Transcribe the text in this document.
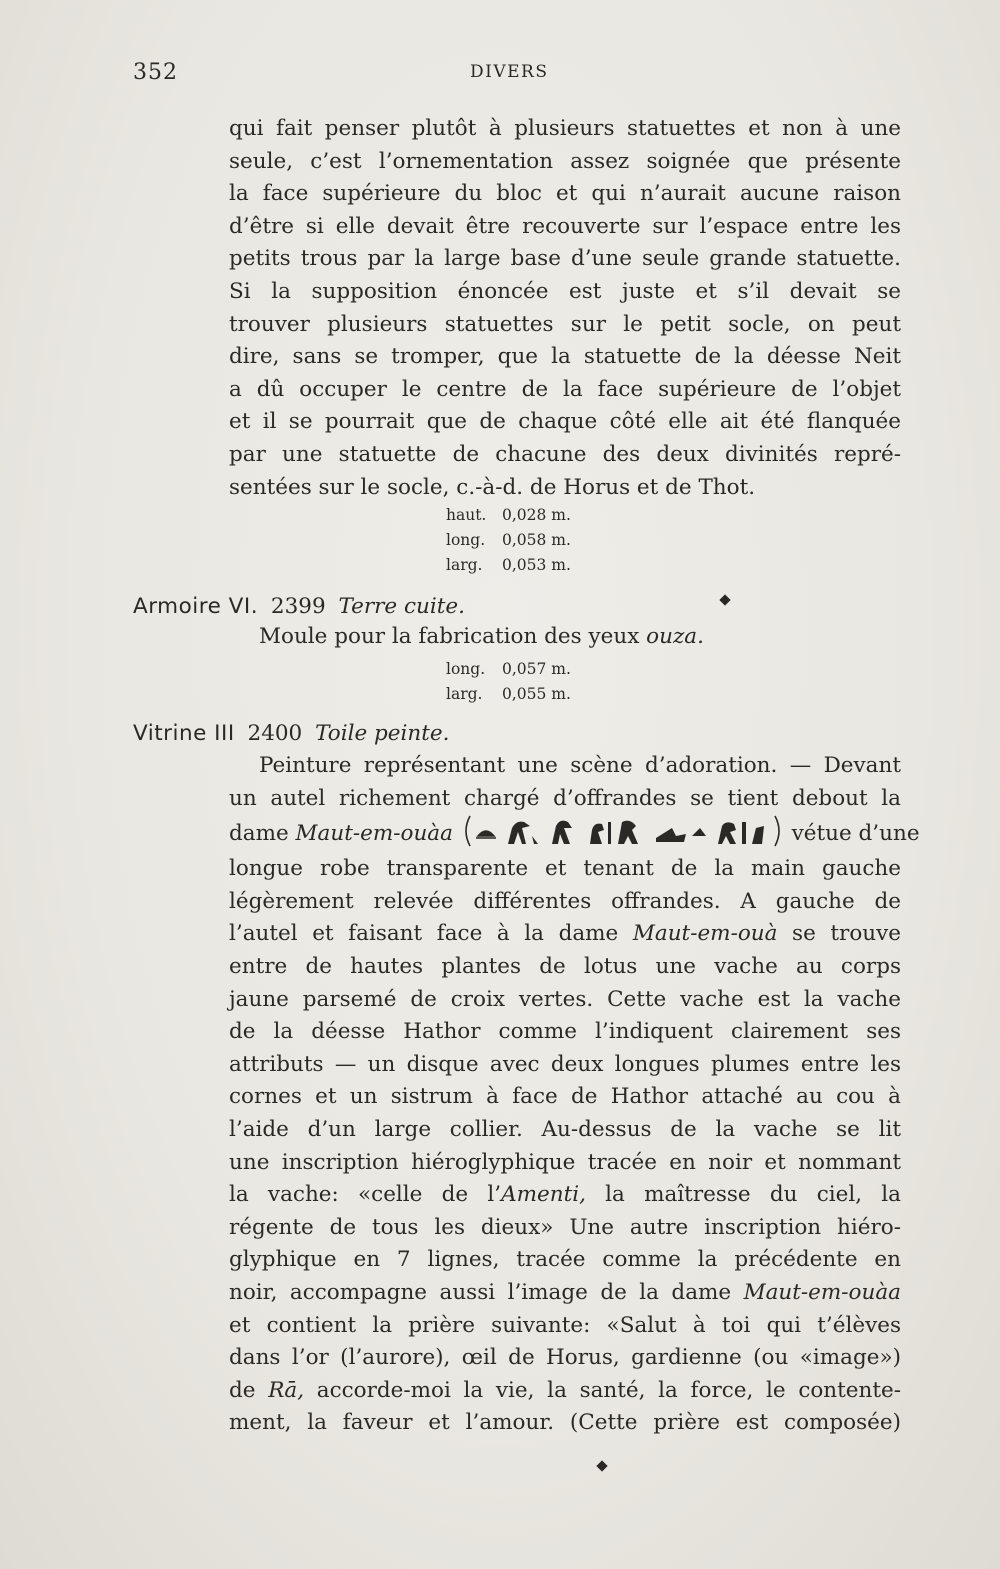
352	DIVERS
qui fait penser plutôt à plusieurs statuettes et non à une
seule, c’est l’ornementation assez soignée que présente
la face supérieure du bloc et qui n’aurait aucune raison
d’être si elle devait être recouverte sur l’espace entre les
petits trous par la large base d’une seule grande statuette.
Si la supposition énoncée est juste et s’il devait se
trouver plusieurs statuettes sur le petit socle, on peut
dire, sans se tromper, que la statuette de la déesse Neit
a dû occuper le centre de la face supérieure de l’objet
et il se pourrait que de chaque côté elle ait été flanquée
par une statuette de chacune des deux divinités repré-
sentées sur le socle, c.-à-d. de Horus et de Thot.
haut. 0,028 m.
long. 0,058 m.
larg. 0,053 m.
Armoire VI. 2399 Terre cuite.
Moule pour la fabrication des yeux ouza.
long. 0,057 m.
larg. 0,055 m.
Vitrine III 2400 Toile peinte.
Peinture représentant une scène d’adoration. — Devant
un autel richement chargé d’offrandes se tient debout la
dame Maut-em-ouàa	vétue d’une
longue robe transparente et tenant de la main gauche
légèrement relevée différentes offrandes. A gauche de
l’autel et faisant face à la dame Maut-em-ouà se trouve
entre de hautes plantes de lotus une vache au corps
jaune parsemé de croix vertes. Cette vache est la vache
de la déesse Hathor comme l’indiquent clairement ses
attributs — un disque avec deux longues plumes entre les
cornes et un sistrum à face de Hathor attaché au cou à
l’aide d’un large collier. Au-dessus de la vache se lit
une inscription hiéroglyphique tracée en noir et nommant
la vache: «celle de l’Amenti, la maîtresse du ciel, la
régente de tous les dieux» Une autre inscription hiéro-
glyphique en 7 lignes, tracée comme la précédente en
noir, accompagne aussi l’image de la dame Maut-em-ouàa
et contient la prière suivante: «Salut à toi qui t’élèves
dans l’or (l’aurore), œil de Horus, gardienne (ou «image»)
de Rā, accorde-moi la vie, la santé, la force, le contente-
ment, la faveur et l’amour. (Cette prière est composée)
